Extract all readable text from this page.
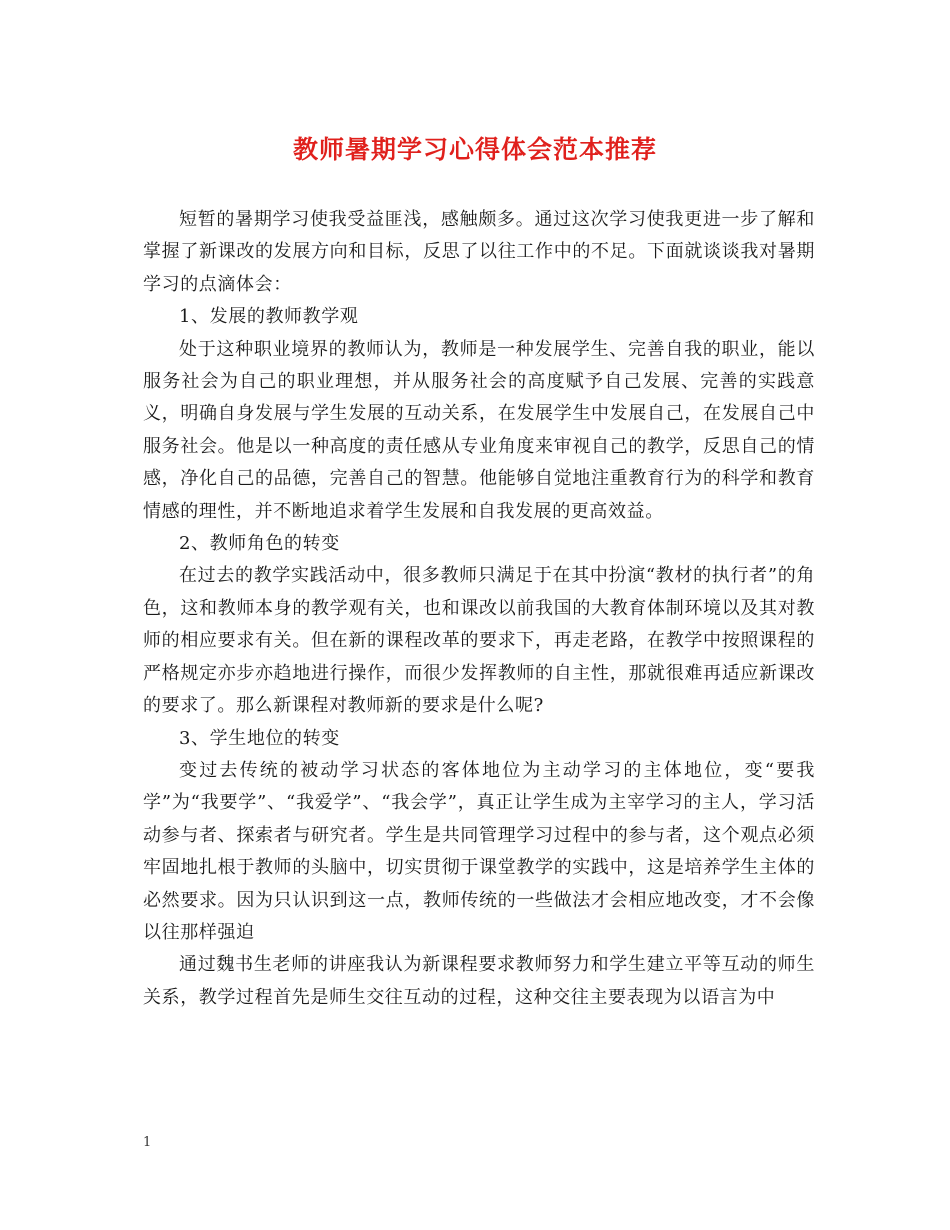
教师暑期学习心得体会范本推荐

短暂的暑期学习使我受益匪浅，感触颇多。通过这次学习使我更进一步了解和掌握了新课改的发展方向和目标，反思了以往工作中的不足。下面就谈谈我对暑期学习的点滴体会：

1、发展的教师教学观

处于这种职业境界的教师认为，教师是一种发展学生、完善自我的职业，能以服务社会为自己的职业理想，并从服务社会的高度赋予自己发展、完善的实践意义，明确自身发展与学生发展的互动关系，在发展学生中发展自己，在发展自己中服务社会。他是以一种高度的责任感从专业角度来审视自己的教学，反思自己的情感，净化自己的品德，完善自己的智慧。他能够自觉地注重教育行为的科学和教育情感的理性，并不断地追求着学生发展和自我发展的更高效益。

2、教师角色的转变

在过去的教学实践活动中，很多教师只满足于在其中扮演“教材的执行者”的角色，这和教师本身的教学观有关，也和课改以前我国的大教育体制环境以及其对教师的相应要求有关。但在新的课程改革的要求下，再走老路，在教学中按照课程的严格规定亦步亦趋地进行操作，而很少发挥教师的自主性，那就很难再适应新课改的要求了。那么新课程对教师新的要求是什么呢?

3、学生地位的转变

变过去传统的被动学习状态的客体地位为主动学习的主体地位，变“要我学”为“我要学”、“我爱学”、“我会学”，真正让学生成为主宰学习的主人，学习活动参与者、探索者与研究者。学生是共同管理学习过程中的参与者，这个观点必须牢固地扎根于教师的头脑中，切实贯彻于课堂教学的实践中，这是培养学生主体的必然要求。因为只认识到这一点，教师传统的一些做法才会相应地改变，才不会像以往那样强迫

通过魏书生老师的讲座我认为新课程要求教师努力和学生建立平等互动的师生关系，教学过程首先是师生交往互动的过程，这种交往主要表现为以语言为中

1
